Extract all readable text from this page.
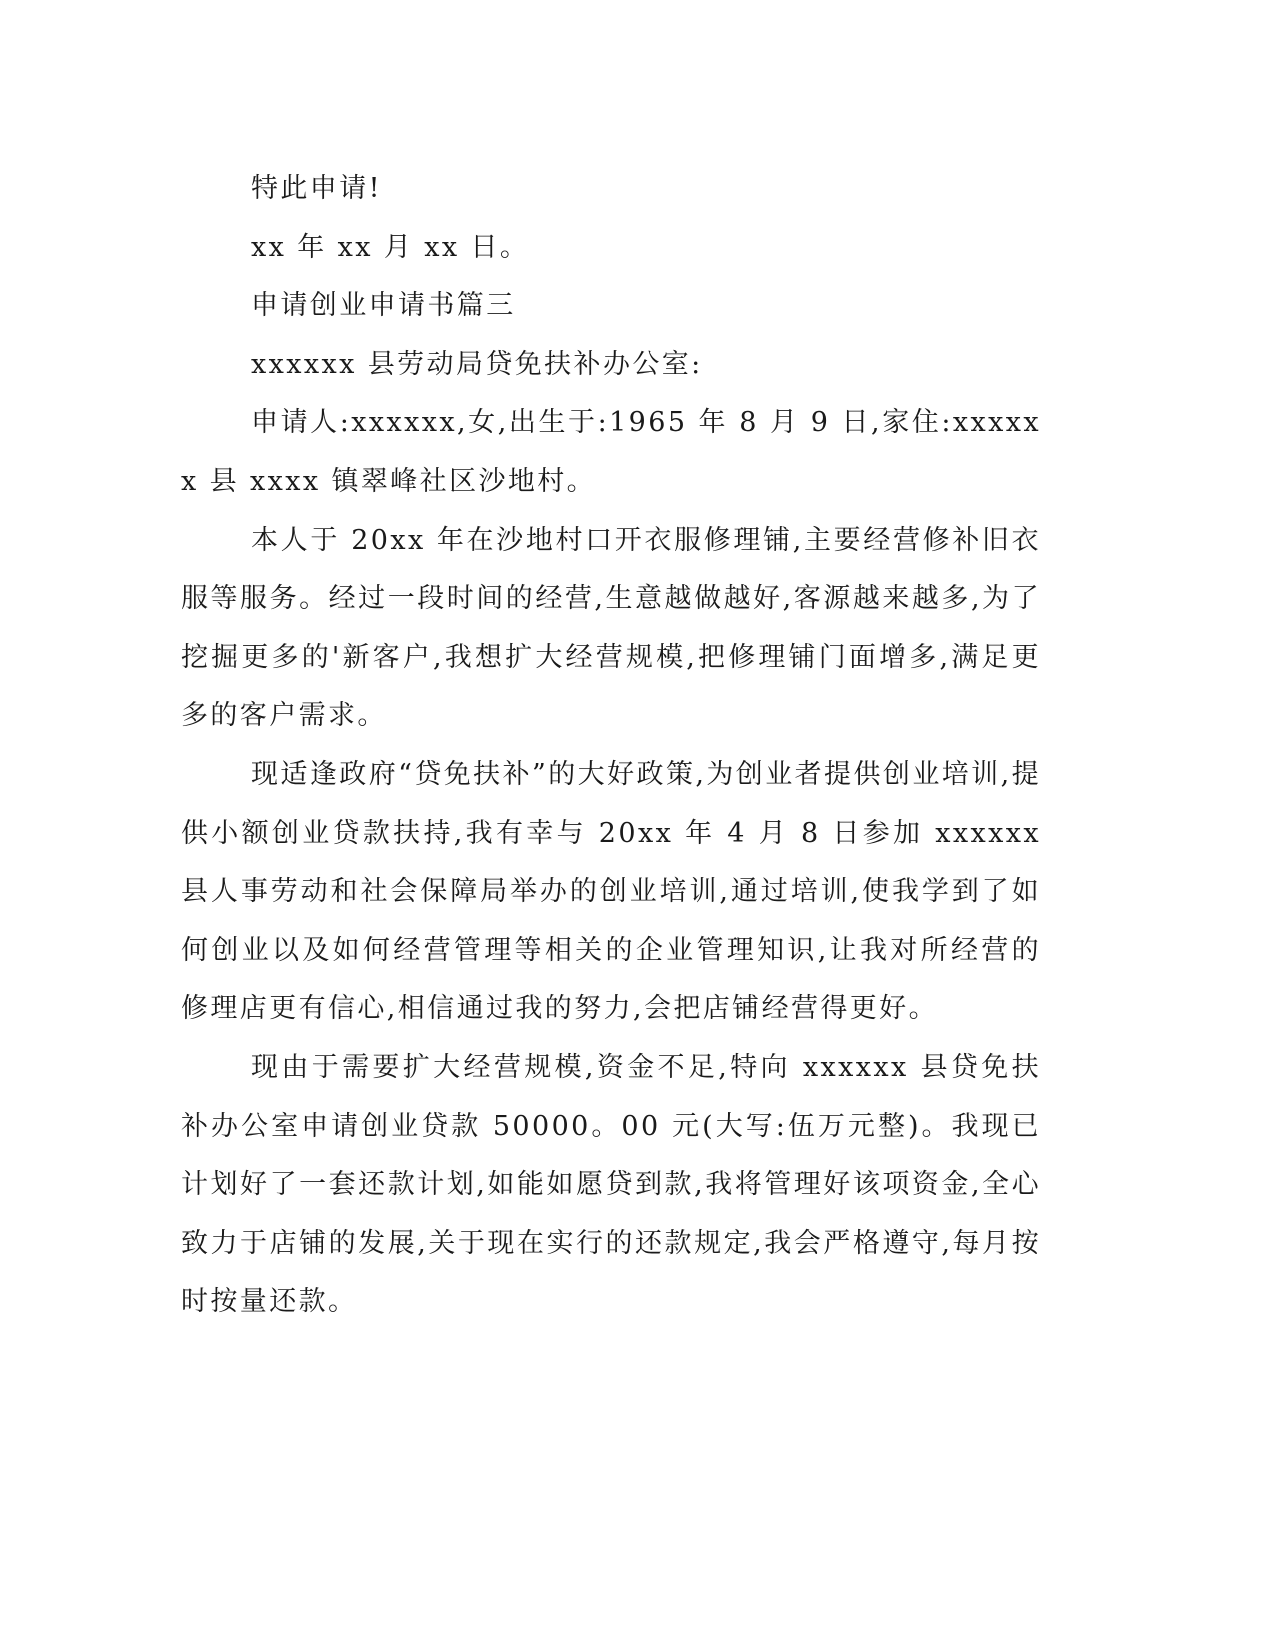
特此申请!

xx 年 xx 月 xx 日。

申请创业申请书篇三

xxxxxx 县劳动局贷免扶补办公室:

申请人:xxxxxx,女,出生于:1965 年 8 月 9 日,家住:xxxxxx 县 xxxx 镇翠峰社区沙地村。

本人于 20xx 年在沙地村口开衣服修理铺,主要经营修补旧衣服等服务。经过一段时间的经营,生意越做越好,客源越来越多,为了挖掘更多的'新客户,我想扩大经营规模,把修理铺门面增多,满足更多的客户需求。

现适逢政府“贷免扶补”的大好政策,为创业者提供创业培训,提供小额创业贷款扶持,我有幸与 20xx 年 4 月 8 日参加 xxxxxx 县人事劳动和社会保障局举办的创业培训,通过培训,使我学到了如何创业以及如何经营管理等相关的企业管理知识,让我对所经营的修理店更有信心,相信通过我的努力,会把店铺经营得更好。

现由于需要扩大经营规模,资金不足,特向 xxxxxx 县贷免扶补办公室申请创业贷款 50000。00 元(大写:伍万元整)。我现已计划好了一套还款计划,如能如愿贷到款,我将管理好该项资金,全心致力于店铺的发展,关于现在实行的还款规定,我会严格遵守,每月按时按量还款。
